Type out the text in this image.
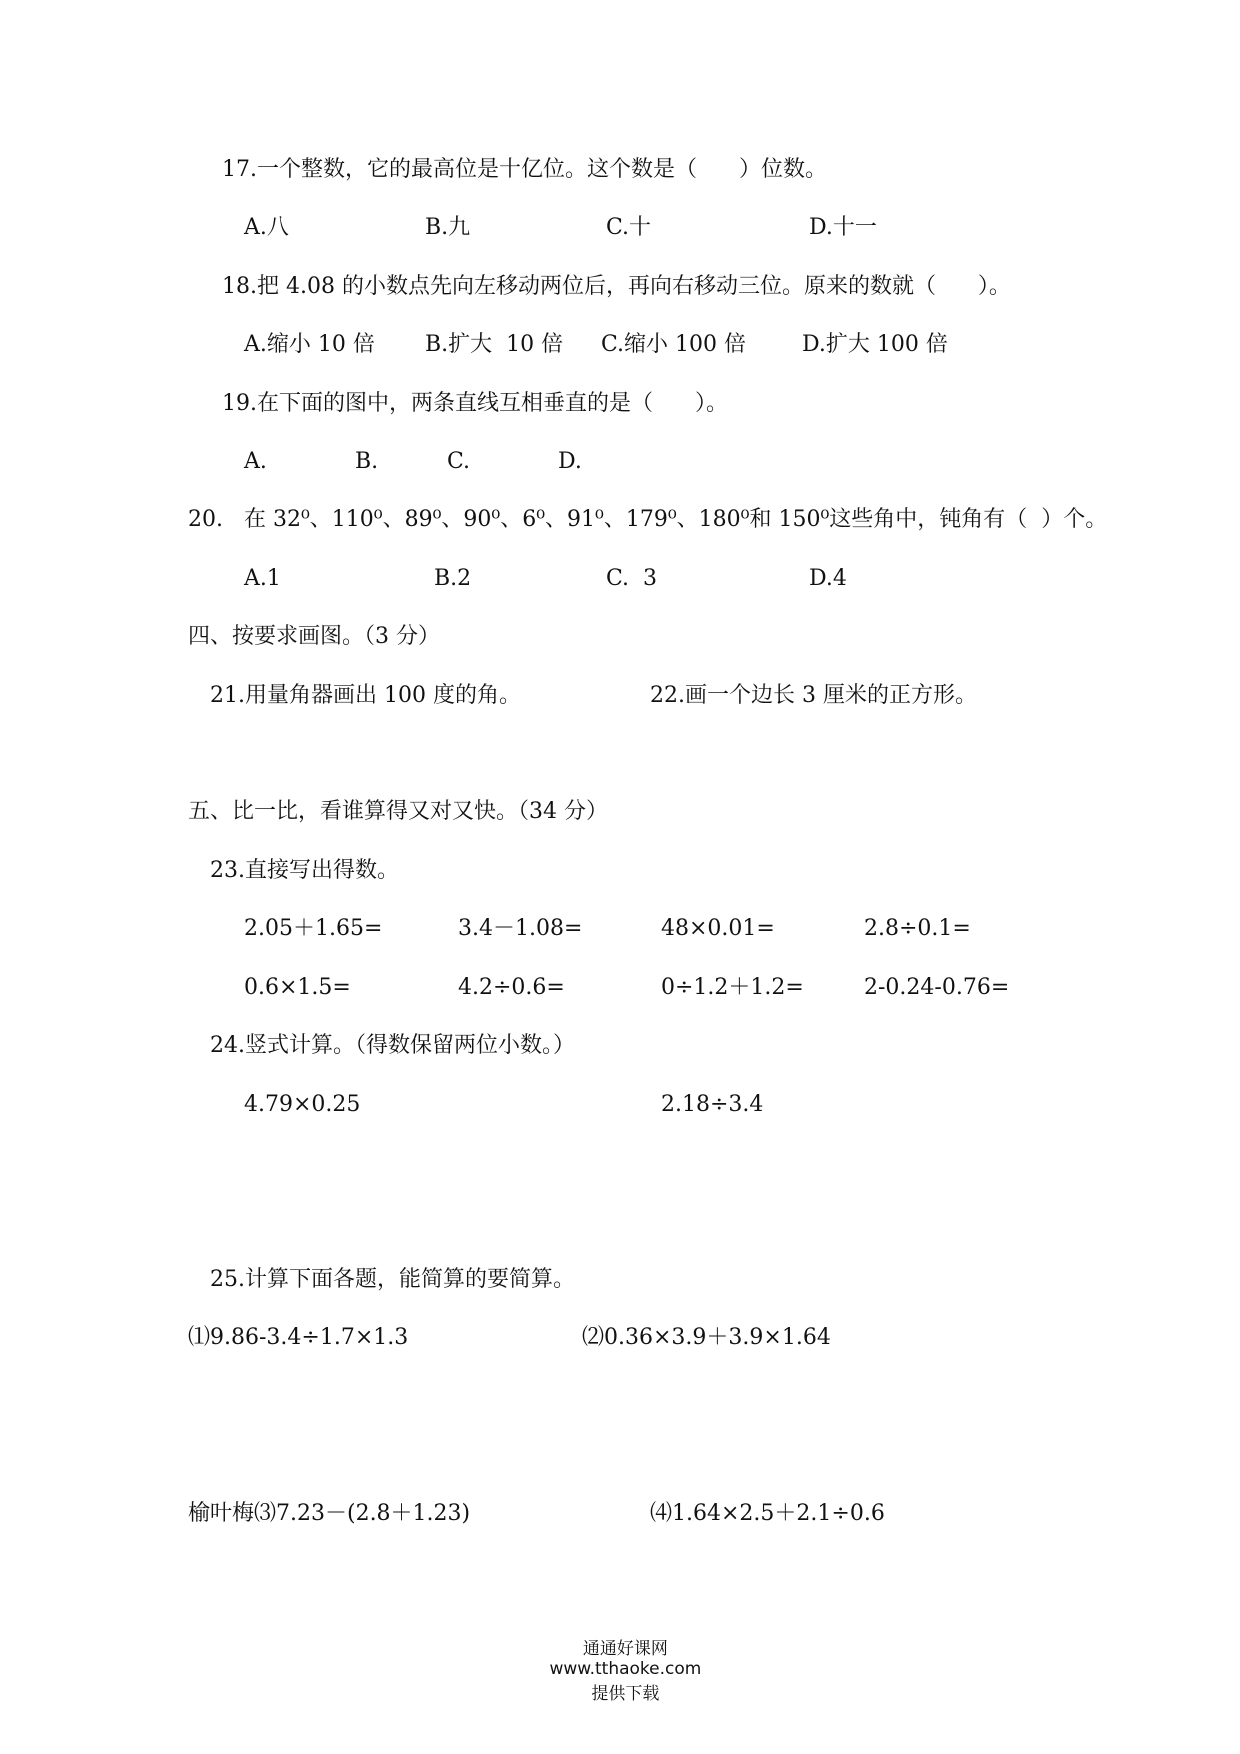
17.一个整数，它的最高位是十亿位。这个数是（      ）位数。
A.八	B.九	C.十	D.十一
18.把 4.08 的小数点先向左移动两位后，再向右移动三位。原来的数就（      ）。
A.缩小 10 倍 B.扩大  10 倍 C.缩小 100 倍	D.扩大 100 倍
19.在下面的图中，两条直线互相垂直的是（      ）。
A.	B.	C.	D.
20. 在 32⁰、110⁰、89⁰、90⁰、6⁰、91⁰、179⁰、180⁰和 150⁰这些角中，钝角有（  ）个。
A.1	B.2	C.  3	D.4
四、按要求画图。（3 分）
21.用量角器画出 100 度的角。	22.画一个边长 3 厘米的正方形。
五、比一比，看谁算得又对又快。（34 分）
23.直接写出得数。
2.05＋1.65=	3.4－1.08=	48×0.01=	2.8÷0.1=
0.6×1.5=	4.2÷0.6=	0÷1.2＋1.2=	2-0.24-0.76=
24.竖式计算。（得数保留两位小数。）
4.79×0.25	2.18÷3.4
25.计算下面各题，能简算的要简算。
⑴9.86-3.4÷1.7×1.3	⑵0.36×3.9＋3.9×1.64
榆叶梅⑶7.23－(2.8＋1.23)	⑷1.64×2.5＋2.1÷0.6

通通好课网
www.tthaoke.com
提供下载
